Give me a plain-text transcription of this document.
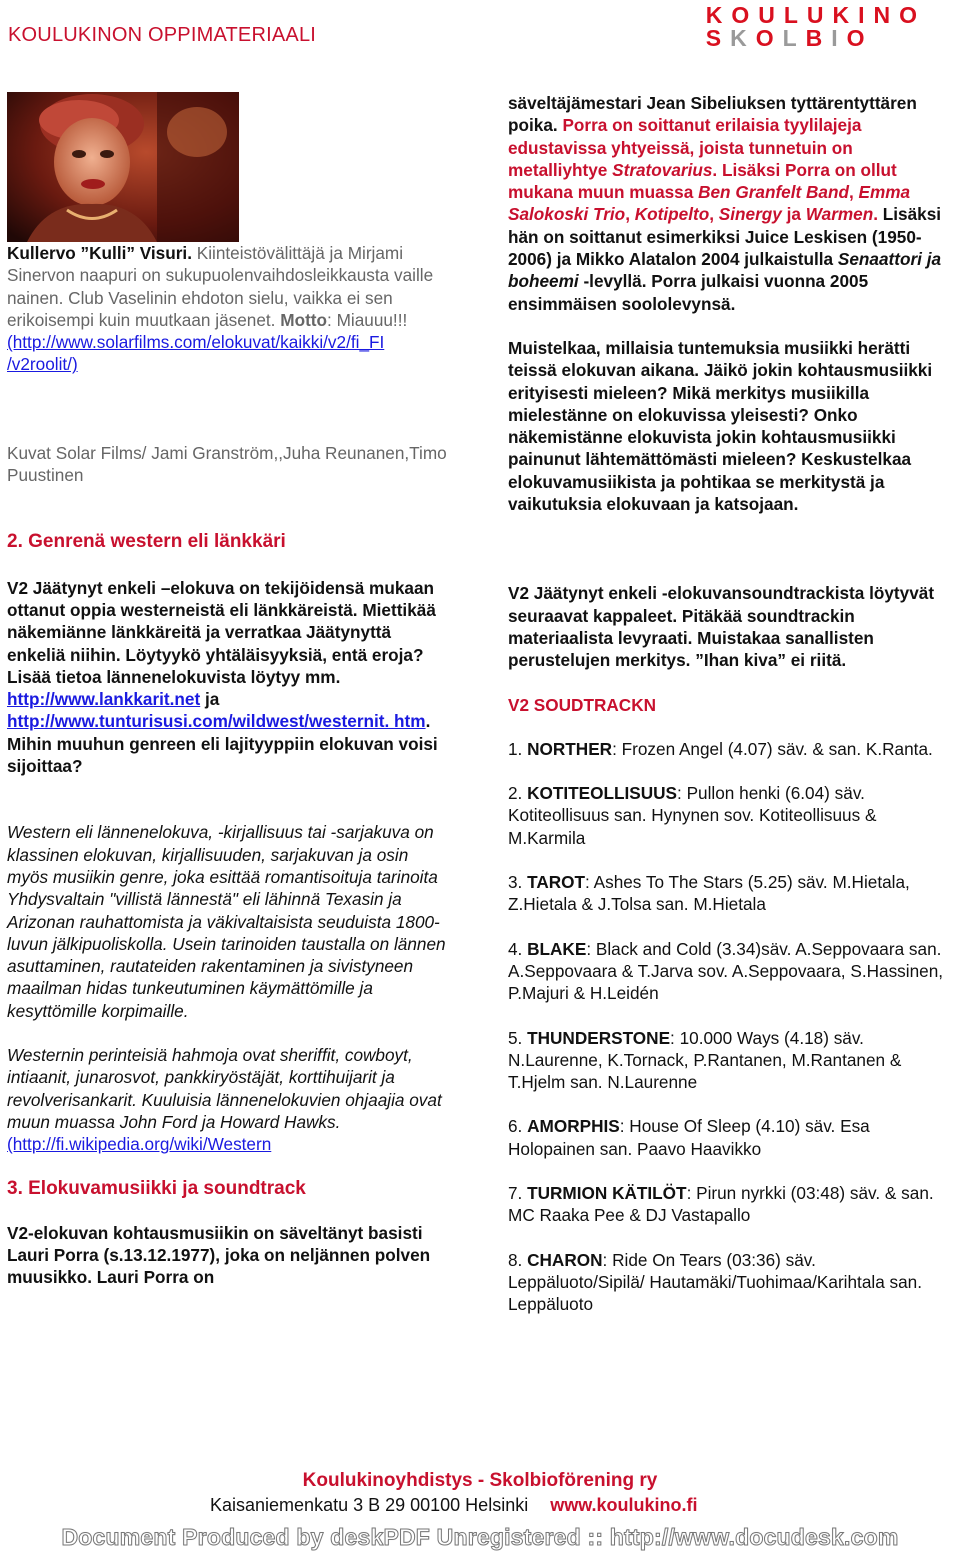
KOULUKINON OPPIMATERIAALI
KOULUKINO
SKOLBIO

Kullervo ”Kulli” Visuri. Kiinteistövälittäjä ja Mirjami Sinervon naapuri on sukupuolenvaihdosleikkausta vaille nainen. Club Vaselinin ehdoton sielu, vaikka ei sen erikoisempi kuin muutkaan jäsenet. Motto: Miauuu!!!

(http://www.solarfilms.com/elokuvat/kaikki/v2/fi_FI /v2roolit/)

Kuvat Solar Films/ Jami Granström,,Juha Reunanen,Timo Puustinen

2. Genrenä western eli länkkäri

V2 Jäätynyt enkeli –elokuva on tekijöidensä mukaan ottanut oppia westerneistä eli länkkäreistä. Miettikää näkemiänne länkkäreitä ja verratkaa Jäätynyttä enkeliä niihin. Löytyykö yhtäläisyyksiä, entä eroja? Lisää tietoa lännenelokuvista löytyy mm. http://www.lankkarit.net ja http://www.tunturisusi.com/wildwest/westernit. htm.

Mihin muuhun genreen eli lajityyppiin elokuvan voisi sijoittaa?

Western eli lännenelokuva, -kirjallisuus tai -sarjakuva on klassinen elokuvan, kirjallisuuden, sarjakuvan ja osin myös musiikin genre, joka esittää romantisoituja tarinoita Yhdysvaltain "villistä lännestä" eli lähinnä Texasin ja Arizonan rauhattomista ja väkivaltaisista seuduista 1800-luvun jälkipuoliskolla. Usein tarinoiden taustalla on lännen asuttaminen, rautateiden rakentaminen ja sivistyneen maailman hidas tunkeutuminen käymättömille ja kesyttömille korpimaille.

Westernin perinteisiä hahmoja ovat sheriffit, cowboyt, intiaanit, junarosvot, pankkiryöstäjät, korttihuijarit ja revolverisankarit. Kuuluisia lännenelokuvien ohjaajia ovat muun muassa John Ford ja Howard Hawks.

(http://fi.wikipedia.org/wiki/Western

3. Elokuvamusiikki ja soundtrack

V2-elokuvan kohtausmusiikin on säveltänyt basisti Lauri Porra (s.13.12.1977), joka on neljännen polven muusikko. Lauri Porra on

säveltäjämestari Jean Sibeliuksen tyttärentyttären poika. Porra on soittanut erilaisia tyylilajeja edustavissa yhtyeissä, joista tunnetuin on metalliyhtye Stratovarius. Lisäksi Porra on ollut mukana muun muassa Ben Granfelt Band, Emma Salokoski Trio, Kotipelto, Sinergy ja Warmen. Lisäksi hän on soittanut esimerkiksi Juice Leskisen (1950-2006) ja Mikko Alatalon 2004 julkaistulla Senaattori ja boheemi -levyllä. Porra julkaisi vuonna 2005 ensimmäisen soololevynsä.

Muistelkaa, millaisia tuntemuksia musiikki herätti teissä elokuvan aikana. Jäikö jokin kohtausmusiikki erityisesti mieleen? Mikä merkitys musiikilla mielestänne on elokuvissa yleisesti? Onko näkemistänne elokuvista jokin kohtausmusiikki painunut lähtemättömästi mieleen? Keskustelkaa elokuvamusiikista ja pohtikaa se merkitystä ja vaikutuksia elokuvaan ja katsojaan.

V2 Jäätynyt enkeli -elokuvansoundtrackista löytyvät seuraavat kappaleet. Pitäkää soundtrackin materiaalista levyraati. Muistakaa sanallisten perustelujen merkitys. ”Ihan kiva” ei riitä.

V2 SOUDTRACKN

1. NORTHER: Frozen Angel (4.07) säv. & san. K.Ranta.

2. KOTITEOLLISUUS: Pullon henki (6.04) säv. Kotiteollisuus san. Hynynen sov. Kotiteollisuus & M.Karmila

3. TAROT: Ashes To The Stars (5.25) säv. M.Hietala, Z.Hietala & J.Tolsa san. M.Hietala

4. BLAKE: Black and Cold (3.34)säv. A.Seppovaara san. A.Seppovaara & T.Jarva sov. A.Seppovaara, S.Hassinen, P.Majuri & H.Leidén

5. THUNDERSTONE: 10.000 Ways (4.18) säv. N.Laurenne, K.Tornack, P.Rantanen, M.Rantanen & T.Hjelm san. N.Laurenne

6. AMORPHIS: House Of Sleep (4.10) säv. Esa Holopainen san. Paavo Haavikko

7. TURMION KÄTILÖT: Pirun nyrkki (03:48) säv. & san. MC Raaka Pee & DJ Vastapallo

8. CHARON: Ride On Tears (03:36) säv. Leppäluoto/Sipilä/ Hautamäki/Tuohimaa/Karihtala san. Leppäluoto

Koulukinoyhdistys - Skolbioförening ry
Kaisaniemenkatu 3 B 29 00100 Helsinki www.koulukino.fi
Document Produced by deskPDF Unregistered :: http://www.docudesk.com
